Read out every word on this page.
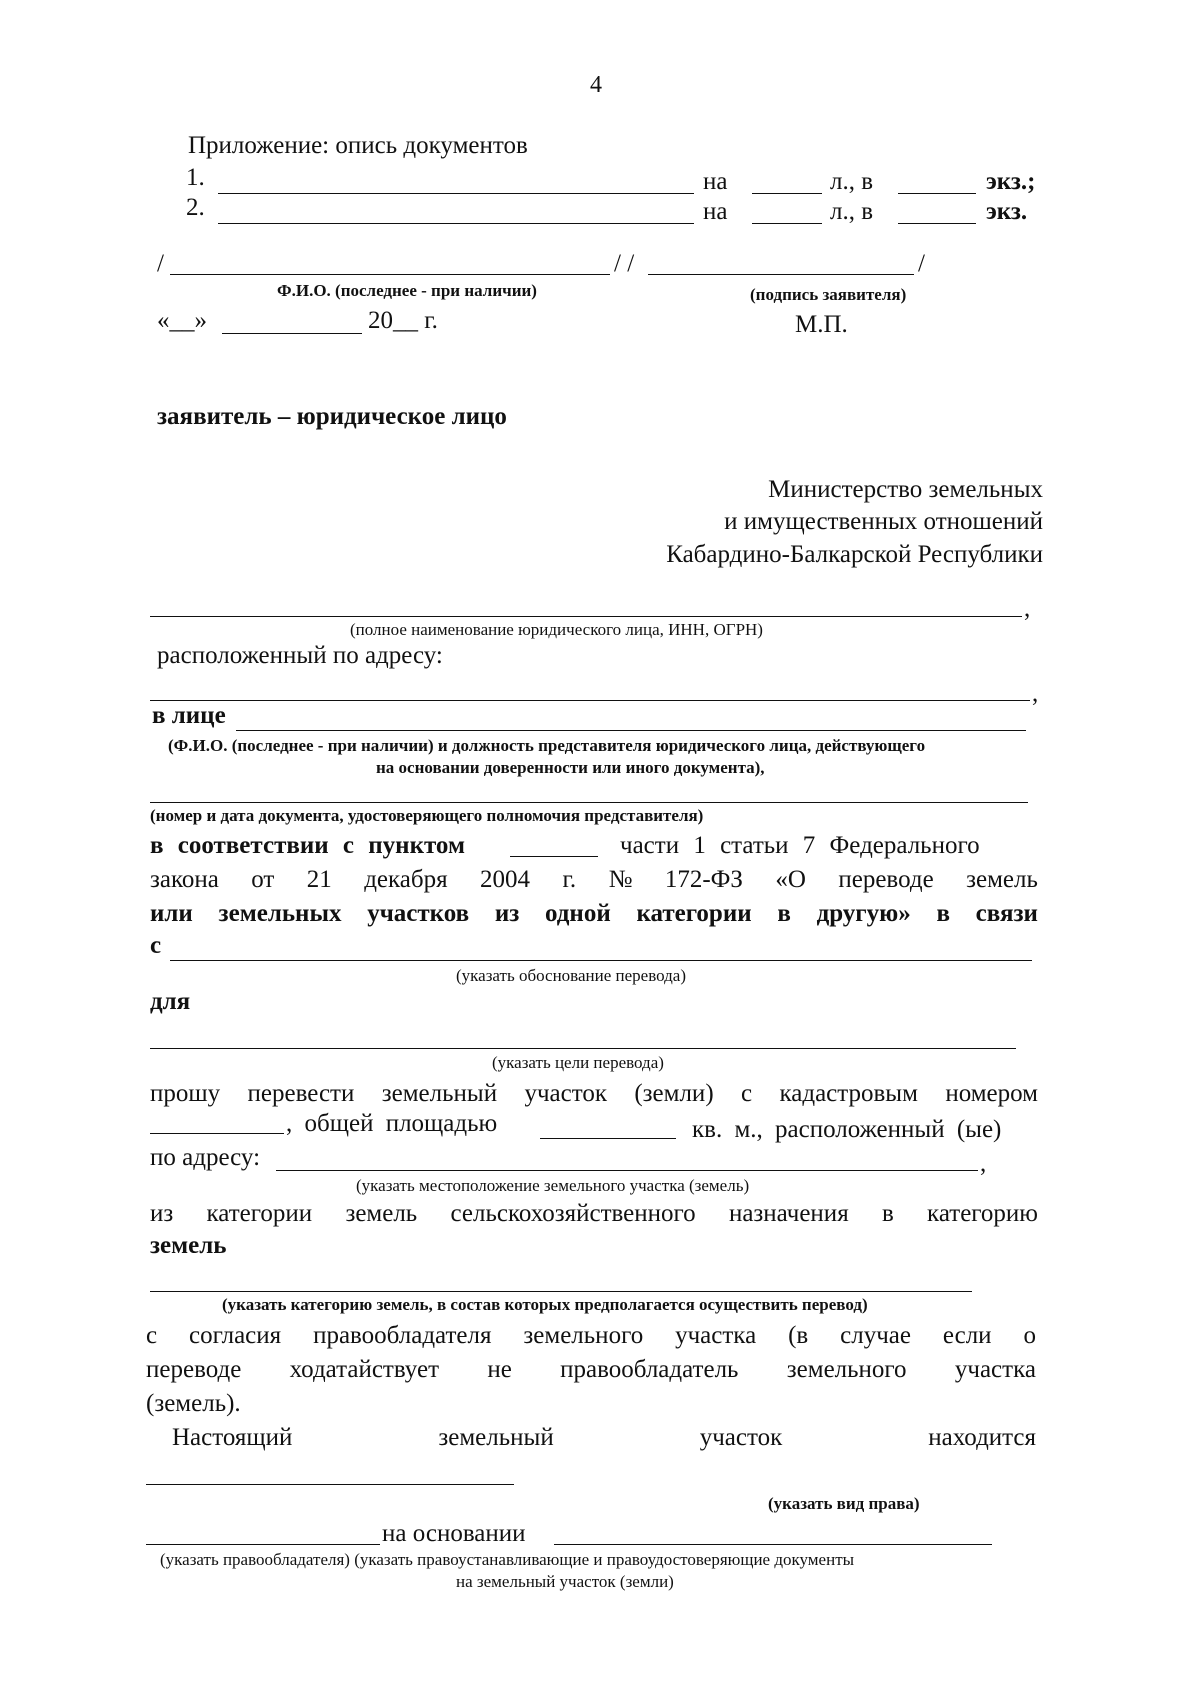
4
Приложение: опись документов
1.	на	л., в	экз.;
2.	на	л., в	экз.
/	/ /	/
Ф.И.О. (последнее - при наличии)	(подпись заявителя)
«__»	20__ г.	М.П.
заявитель – юридическое лицо
Министерство земельных
и имущественных отношений
Кабардино-Балкарской Республики
,
(полное наименование юридического лица, ИНН, ОГРН)
расположенный по адресу:
,
в лице
(Ф.И.О. (последнее - при наличии) и должность представителя юридического лица, действующего
на основании доверенности или иного документа),
(номер и дата документа, удостоверяющего полномочия представителя)
в соответствии с пунктом	части 1 статьи 7 Федерального
закона от 21 декабря 2004 г. № 172-ФЗ «О переводе земель
или земельных участков из одной категории в другую» в связи
с
(указать обоснование перевода)
для
(указать цели перевода)
прошу перевести земельный участок (земли) с кадастровым номером
, общей площадью	кв. м., расположенный (ые)
по адресу:	,
(указать местоположение земельного участка (земель)
из категории земель сельскохозяйственного назначения в категорию
земель
(указать категорию земель, в состав которых предполагается осуществить перевод)
с согласия правообладателя земельного участка (в случае если о
переводе ходатайствует не правообладатель земельного участка
(земель).
Настоящий	земельный	участок	находится
(указать вид права)
на основании
(указать правообладателя) (указать правоустанавливающие и правоудостоверяющие документы
на земельный участок (земли)
